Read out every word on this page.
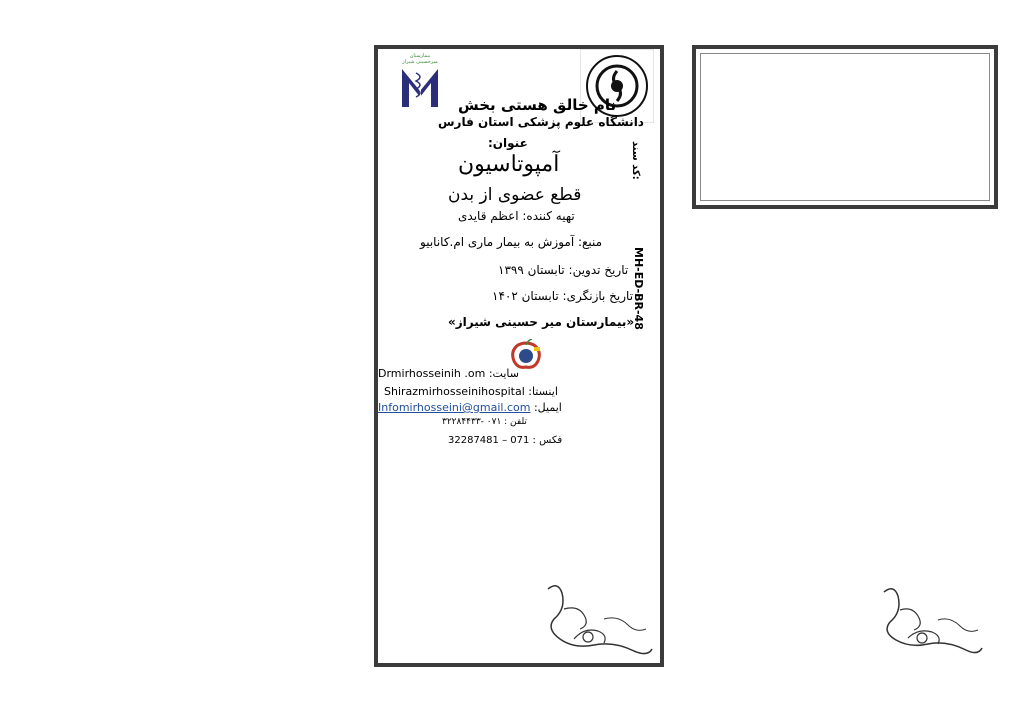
بیمارستان
میرحسینی شیراز
نام خالق هستی بخش
دانشگاه علوم پزشکی استان فارس
عنوان:
آمپوتاسیون
قطع عضوی از بدن
تهیه کننده: اعظم قایدی
منبع: آموزش به بیمار ماری ام.کانابیو
تاریخ تدوین: تابستان ۱۳۹۹
تاریخ بازنگری: تابستان ۱۴۰۲
«بیمارستان میر حسینی شیراز»
کد سند:
MH-ED-BR-48
سایت: Drmirhosseinih .om
اینستا: Shirazmirhosseinihospital
ایمیل: Infomirhosseini@gmail.com
تلفن : ۰۷۱ -۳۲۲۸۴۴۳۳
فکس : 071 – 32287481
